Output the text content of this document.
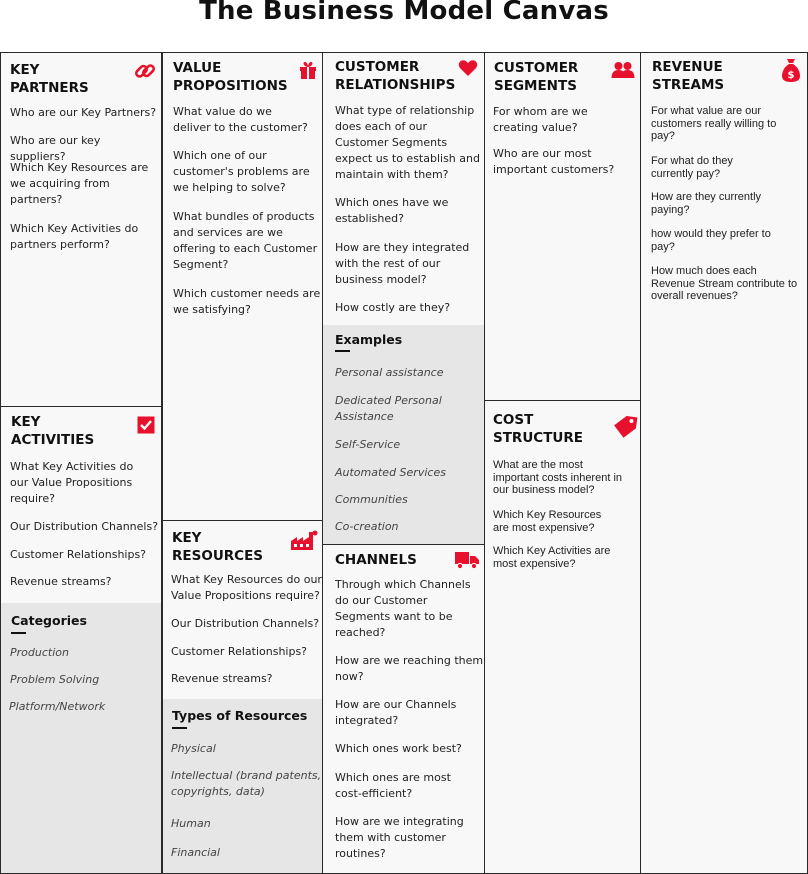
The Business Model Canvas
KEY
PARTNERS
Who are our Key Partners?
Who are our key suppliers?
Which Key Resources are we acquiring from partners?
Which Key Activities do partners perform?
KEY
ACTIVITIES
What Key Activities do our Value Propositions require?
Our Distribution Channels?
Customer Relationships?
Revenue streams?
Categories
Production
Problem Solving
Platform/Network
VALUE
PROPOSITIONS
What value do we deliver to the customer?
Which one of our customer's problems are we helping to solve?
What bundles of products and services are we offering to each Customer Segment?
Which customer needs are we satisfying?
KEY
RESOURCES
What Key Resources do our Value Propositions require?
Our Distribution Channels?
Customer Relationships?
Revenue streams?
Types of Resources
Physical
Intellectual (brand patents, copyrights, data)
Human
Financial
CUSTOMER
RELATIONSHIPS
What type of relationship does each of our Customer Segments expect us to establish and maintain with them?
Which ones have we established?
How are they integrated with the rest of our business model?
How costly are they?
Examples
Personal assistance
Dedicated Personal Assistance
Self-Service
Automated Services
Communities
Co-creation
CHANNELS
Through which Channels do our Customer Segments want to be reached?
How are we reaching them now?
How are our Channels integrated?
Which ones work best?
Which ones are most cost-efficient?
How are we integrating them with customer routines?
CUSTOMER
SEGMENTS
For whom are we creating value?
Who are our most important customers?
COST
STRUCTURE
What are the most important costs inherent in our business model?
Which Key Resources are most expensive?
Which Key Activities are most expensive?
REVENUE
STREAMS
$
For what value are our customers really willing to pay?
For what do they currently pay?
How are they currently paying?
how would they prefer to pay?
How much does each Revenue Stream contribute to overall revenues?
